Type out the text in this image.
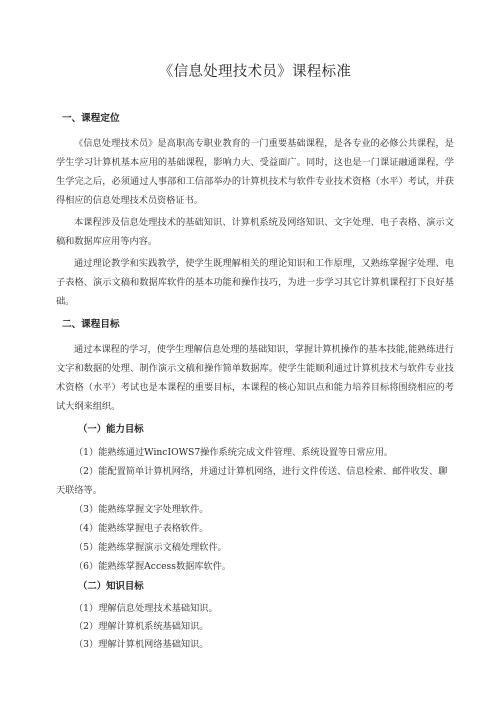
《信息处理技术员》课程标准
一、课程定位
《信息处理技术员》是高职高专职业教育的一门重要基础课程，是各专业的必修公共课程，是学生学习计算机基本应用的基础课程，影响力大、受益面广。同时，这也是一门课证融通课程，学生学完之后，必须通过人事部和工信部举办的计算机技术与软件专业技术资格（水平）考试，并获得相应的信息处理技术员资格证书。
本课程涉及信息处理技术的基础知识、计算机系统及网络知识、文字处理、电子表格、演示文稿和数据库应用等内容。
通过理论教学和实践教学，使学生既理解相关的理论知识和工作原理，又熟练掌握字处理、电子表格、演示文稿和数据库软件的基本功能和操作技巧，为进一步学习其它计算机课程打下良好基础。
二、课程目标
通过本课程的学习，使学生理解信息处理的基础知识，掌握计算机操作的基本技能,能熟练进行文字和数据的处理、制作演示文稿和操作简单数据库。使学生能顺利通过计算机技术与软件专业技术资格（水平）考试也是本课程的重要目标，本课程的核心知识点和能力培养目标将围绕相应的考试大纲来组织。
（一）能力目标
（1）能熟练通过WincIOWS7操作系统完成文件管理、系统设置等日常应用。
（2）能配置简单计算机网络，并通过计算机网络，进行文件传送、信息检索、邮件收发、聊天联络等。
（3）能熟练掌握文字处理软件。
（4）能熟练掌握电子表格软件。
（5）能熟练掌握演示文稿处理软件。
（6）能熟练掌握Access数据库软件。
（二）知识目标
（1）理解信息处理技术基础知识。
（2）理解计算机系统基础知识。
（3）理解计算机网络基础知识。
